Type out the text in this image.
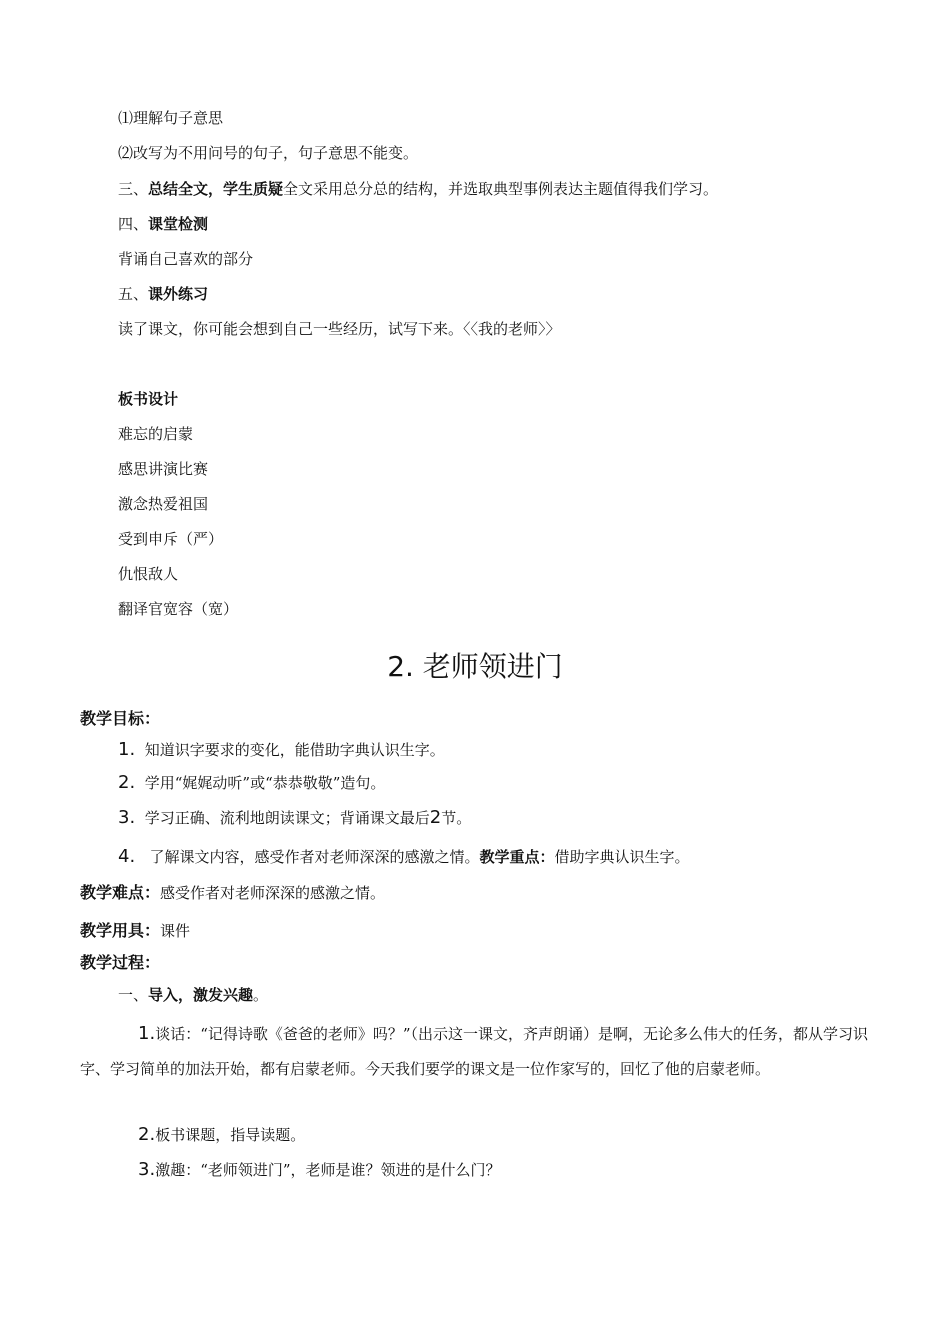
⑴理解句子意思
⑵改写为不用问号的句子，句子意思不能变。
三、总结全文，学生质疑全文采用总分总的结构，并选取典型事例表达主题值得我们学习。
四、课堂检测
背诵自己喜欢的部分
五、课外练习
读了课文，你可能会想到自己一些经历，试写下来。〈〈我的老师〉〉
板书设计
难忘的启蒙
感思讲演比赛
激念热爱祖国
受到申斥（严）
仇恨敌人
翻译官宽容（宽）
2. 老师领进门
教学目标：
1. 知道识字要求的变化，能借助字典认识生字。
2. 学用“娓娓动听”或“恭恭敬敬”造句。
3. 学习正确、流利地朗读课文；背诵课文最后2节。
4. 了解课文内容，感受作者对老师深深的感激之情。教学重点：借助字典认识生字。
教学难点：感受作者对老师深深的感激之情。
教学用具：课件
教学过程：
一、导入，激发兴趣。
1.谈话：“记得诗歌《爸爸的老师》吗？”（出示这一课文，齐声朗诵）是啊，无论多么伟大的任务，都从学习识字、学习简单的加法开始，都有启蒙老师。今天我们要学的课文是一位作家写的，回忆了他的启蒙老师。
2.板书课题，指导读题。
3.激趣：“老师领进门”，老师是谁？领进的是什么门？
